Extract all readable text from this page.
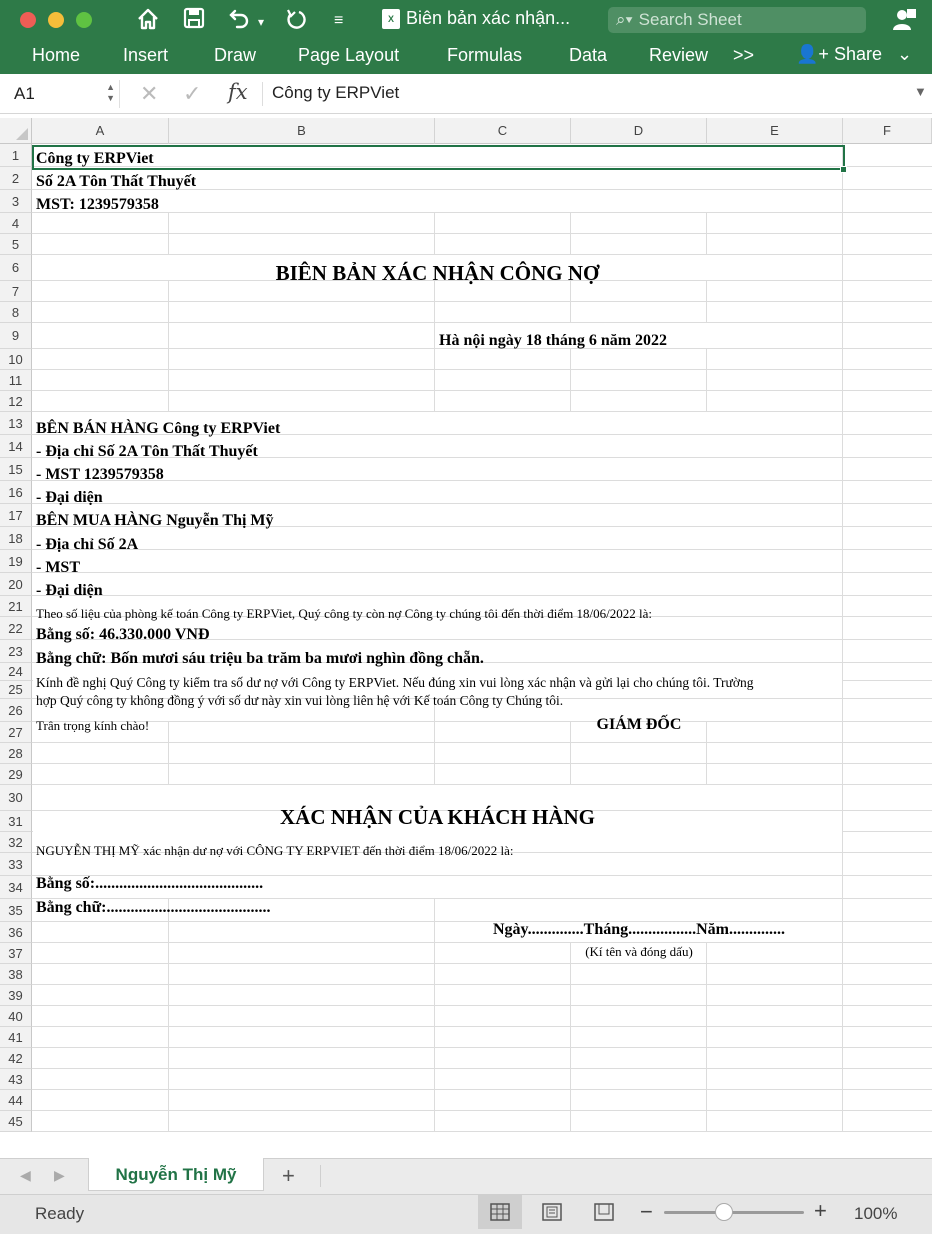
▾	≡	X Biên bản xác nhận...	⌕▾ Search Sheet
Home Insert	Draw Page Layout	Formulas	Data Review >> 👤+ Share ⌄
A1	▲
▼ ✕ ✓ fx Công ty ERPViet	▼
A	B	C	D	E	F
1
2
3
4
5
6
7
8
9
10
11
12
13
14
15
16
17
18
19
20
21
22
23
24
25
26
27
28
29
30
31
32
33
34
35
36
37
38
39
40
41
42
43
44
45
Công ty ERPViet
Số 2A Tôn Thất Thuyết
MST: 1239579358
BIÊN BẢN XÁC NHẬN CÔNG NỢ
Hà nội ngày 18 tháng 6 năm 2022
BÊN BÁN HÀNG Công ty ERPViet
- Địa chỉ Số 2A Tôn Thất Thuyết
- MST 1239579358
- Đại diện
BÊN MUA HÀNG Nguyễn Thị Mỹ
- Địa chỉ Số 2A
- MST
- Đại diện
Theo số liệu của phòng kế toán Công ty ERPViet, Quý công ty còn nợ Công ty chúng tôi đến thời điểm 18/06/2022 là:
Bằng số: 46.330.000 VNĐ
Bằng chữ: Bốn mươi sáu triệu ba trăm ba mươi nghìn đồng chẵn.
Kính đề nghị Quý Công ty kiểm tra số dư nợ với Công ty ERPViet. Nếu đúng xin vui lòng xác nhận và gửi lại cho chúng tôi. Trường
hợp Quý công ty không đồng ý với số dư này xin vui lòng liên hệ với Kế toán Công ty Chúng tôi.
Trân trọng kính chào!	GIÁM ĐỐC
XÁC NHẬN CỦA KHÁCH HÀNG
NGUYỄN THỊ MỸ xác nhận dư nợ với CÔNG TY ERPVIET đến thời điểm 18/06/2022 là:
Bằng số:..........................................
Bằng chữ:.........................................
Ngày..............Tháng.................Năm..............
(Kí tên và đóng dấu)
◀ ▶	Nguyễn Thị Mỹ	+
Ready	−	+ 100%
